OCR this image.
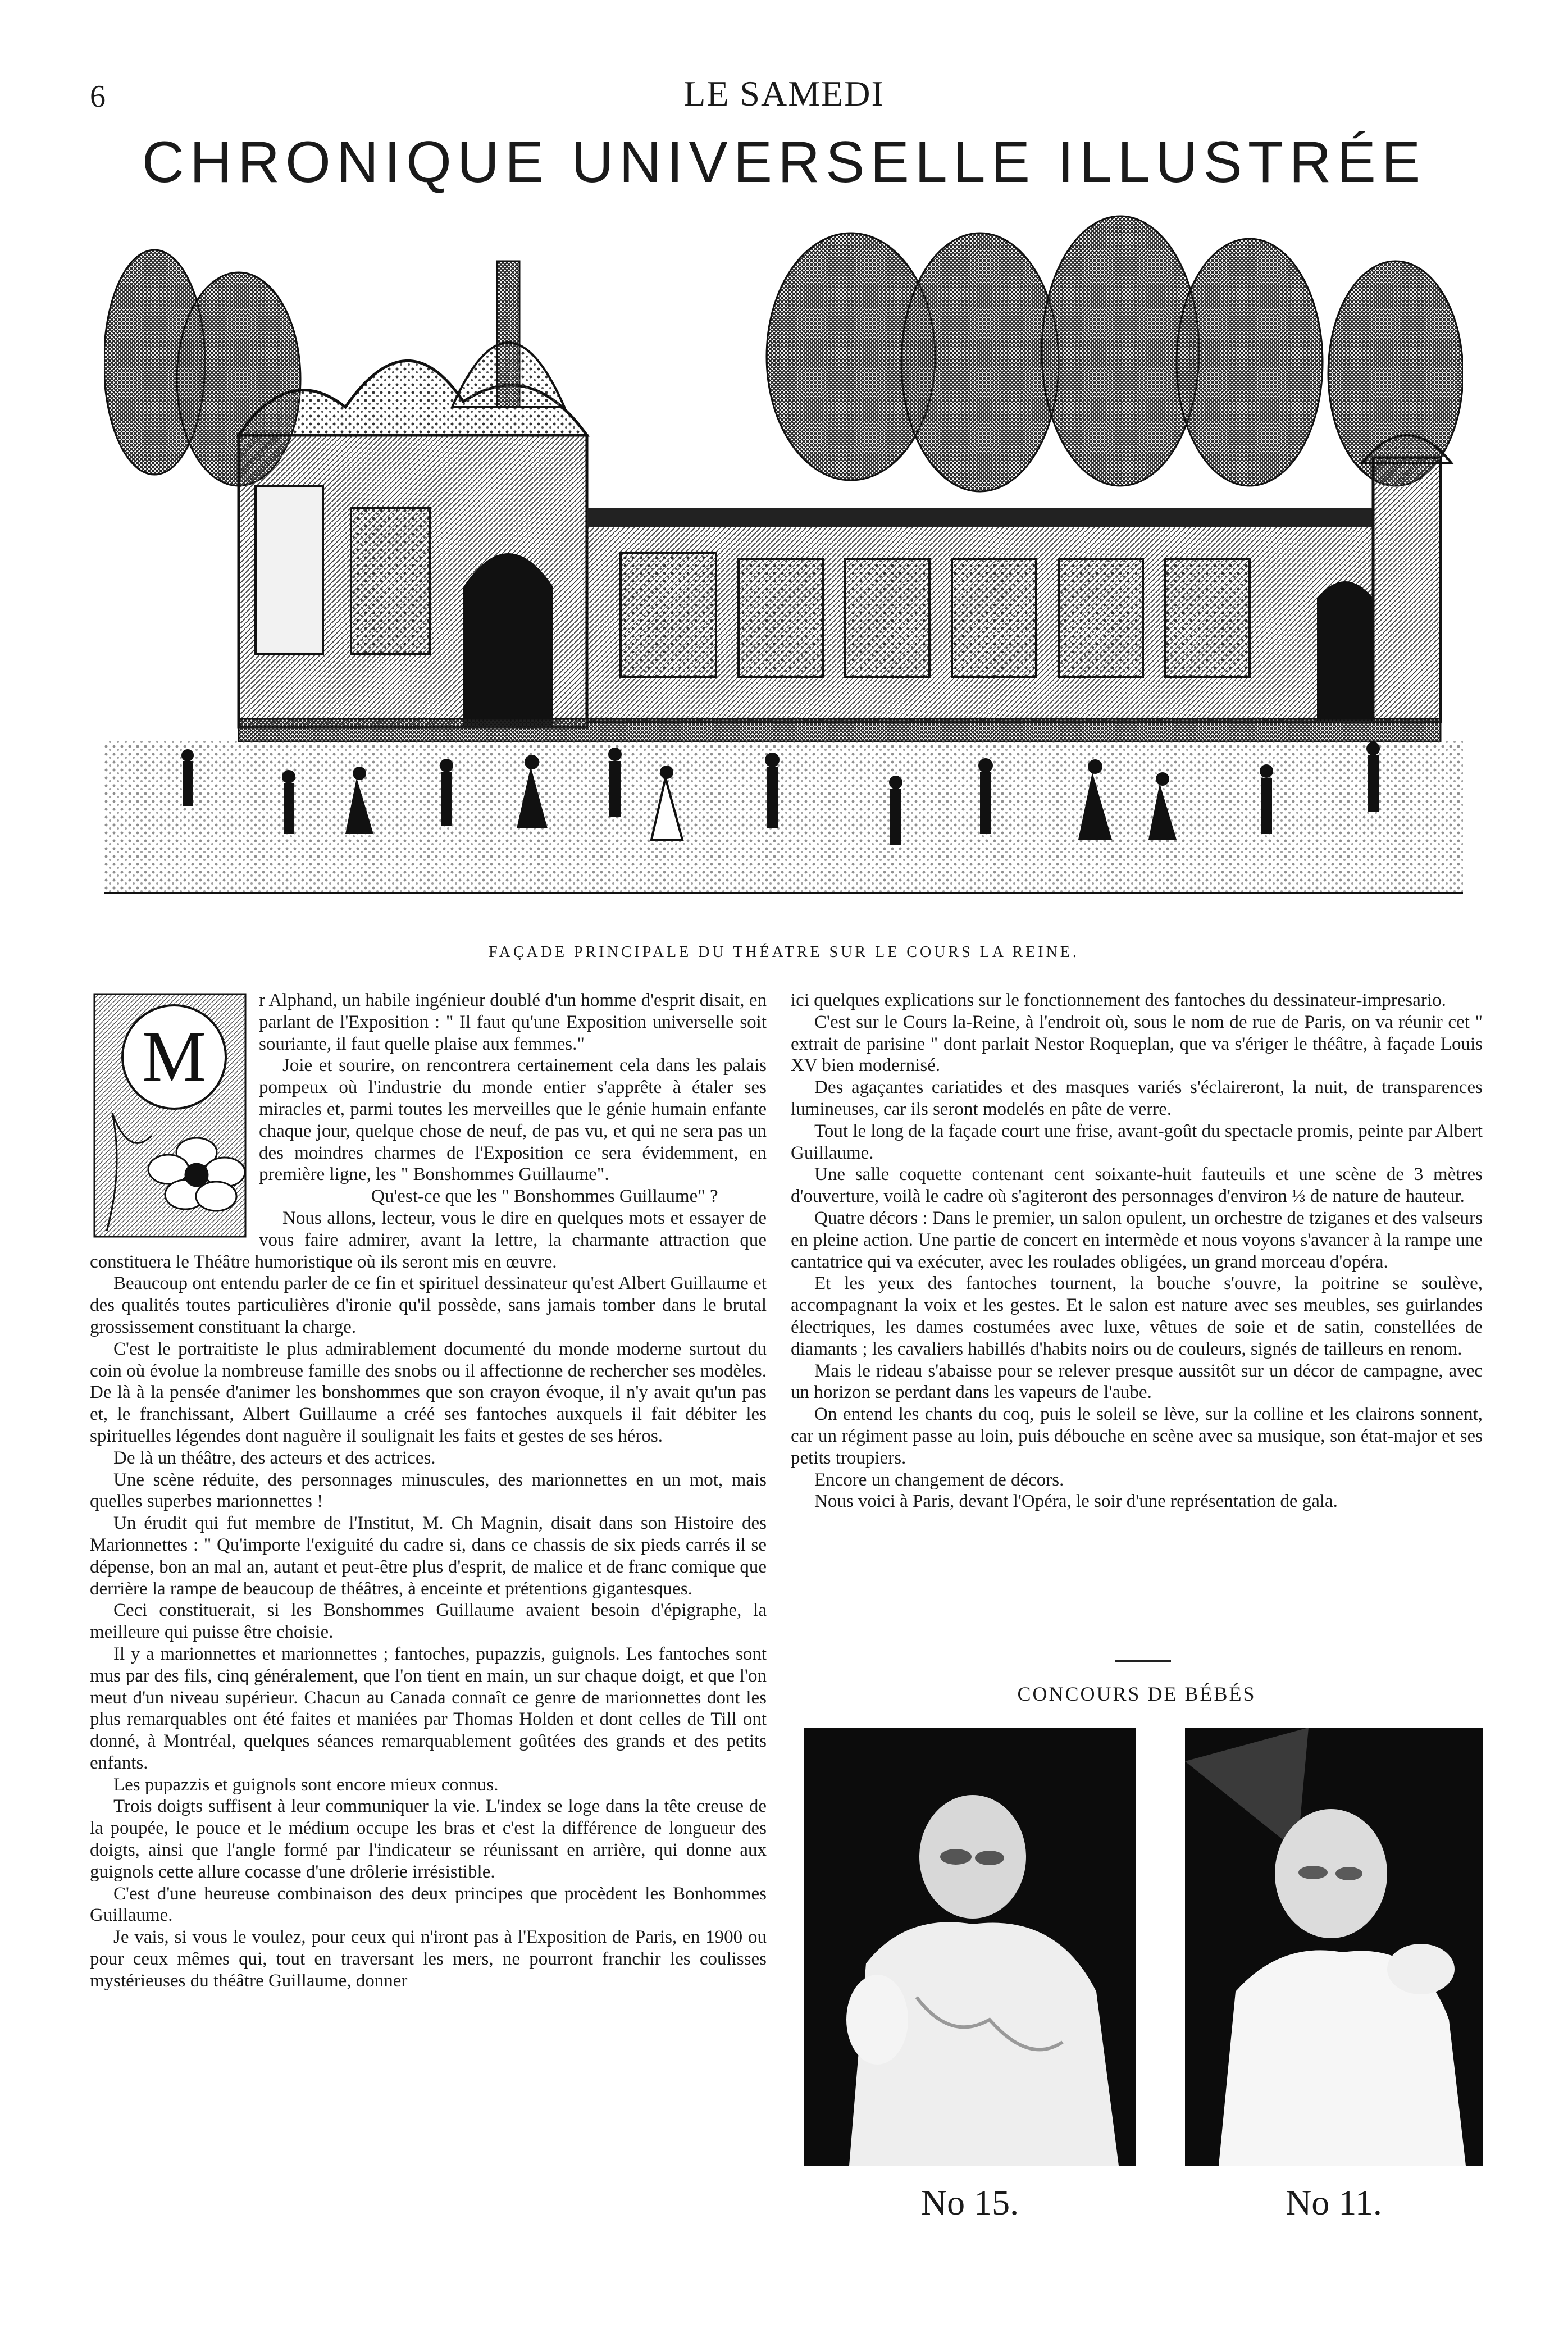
6	LE SAMEDI
CHRONIQUE UNIVERSELLE ILLUSTRÉE
FAÇADE PRINCIPALE DU THÉATRE SUR LE COURS LA REINE.
M

r Alphand, un habile ingénieur doublé d'un homme d'esprit disait, en parlant de l'Exposition : " Il faut qu'une Exposition universelle soit souriante, il faut quelle plaise aux femmes."

Joie et sourire, on rencontrera certainement cela dans les palais pompeux où l'industrie du monde entier s'apprête à étaler ses miracles et, parmi toutes les merveilles que le génie humain enfante chaque jour, quelque chose de neuf, de pas vu, et qui ne sera pas un des moindres charmes de l'Exposition ce sera évidemment, en première ligne, les " Bonshommes Guillaume".

Qu'est-ce que les " Bonshommes Guillaume" ?

Nous allons, lecteur, vous le dire en quelques mots et essayer de vous faire admirer, avant la lettre, la charmante attraction que constituera le Théâtre humoristique où ils seront mis en œuvre.

Beaucoup ont entendu parler de ce fin et spirituel dessinateur qu'est Albert Guillaume et des qualités toutes particulières d'ironie qu'il possède, sans jamais tomber dans le brutal grossissement constituant la charge.

C'est le portraitiste le plus admirablement documenté du monde moderne surtout du coin où évolue la nombreuse famille des snobs ou il affectionne de rechercher ses modèles. De là à la pensée d'animer les bonshommes que son crayon évoque, il n'y avait qu'un pas et, le franchissant, Albert Guillaume a créé ses fantoches auxquels il fait débiter les spirituelles légendes dont naguère il soulignait les faits et gestes de ses héros.

De là un théâtre, des acteurs et des actrices.

Une scène réduite, des personnages minuscules, des marionnettes en un mot, mais quelles superbes marionnettes !

Un érudit qui fut membre de l'Institut, M. Ch Magnin, disait dans son Histoire des Marionnettes : " Qu'importe l'exiguité du cadre si, dans ce chassis de six pieds carrés il se dépense, bon an mal an, autant et peut-être plus d'esprit, de malice et de franc comique que derrière la rampe de beaucoup de théâtres, à enceinte et prétentions gigantesques.

Ceci constituerait, si les Bonshommes Guillaume avaient besoin d'épigraphe, la meilleure qui puisse être choisie.

Il y a marionnettes et marionnettes ; fantoches, pupazzis, guignols. Les fantoches sont mus par des fils, cinq généralement, que l'on tient en main, un sur chaque doigt, et que l'on meut d'un niveau supérieur. Chacun au Canada connaît ce genre de marionnettes dont les plus remarquables ont été faites et maniées par Thomas Holden et dont celles de Till ont donné, à Montréal, quelques séances remarquablement goûtées des grands et des petits enfants.

Les pupazzis et guignols sont encore mieux connus.

Trois doigts suffisent à leur communiquer la vie. L'index se loge dans la tête creuse de la poupée, le pouce et le médium occupe les bras et c'est la différence de longueur des doigts, ainsi que l'angle formé par l'indicateur se réunissant en arrière, qui donne aux guignols cette allure cocasse d'une drôlerie irrésistible.

C'est d'une heureuse combinaison des deux principes que procèdent les Bonhommes Guillaume.

Je vais, si vous le voulez, pour ceux qui n'iront pas à l'Exposition de Paris, en 1900 ou pour ceux mêmes qui, tout en traversant les mers, ne pourront franchir les coulisses mystérieuses du théâtre Guillaume, donner

ici quelques explications sur le fonctionnement des fantoches du dessinateur-impresario.

C'est sur le Cours la-Reine, à l'endroit où, sous le nom de rue de Paris, on va réunir cet " extrait de parisine " dont parlait Nestor Roqueplan, que va s'ériger le théâtre, à façade Louis XV bien modernisé.

Des agaçantes cariatides et des masques variés s'éclaireront, la nuit, de transparences lumineuses, car ils seront modelés en pâte de verre.

Tout le long de la façade court une frise, avant-goût du spectacle promis, peinte par Albert Guillaume.

Une salle coquette contenant cent soixante-huit fauteuils et une scène de 3 mètres d'ouverture, voilà le cadre où s'agiteront des personnages d'environ ⅓ de nature de hauteur.

Quatre décors : Dans le premier, un salon opulent, un orchestre de tziganes et des valseurs en pleine action. Une partie de concert en intermède et nous voyons s'avancer à la rampe une cantatrice qui va exécuter, avec les roulades obligées, un grand morceau d'opéra.

Et les yeux des fantoches tournent, la bouche s'ouvre, la poitrine se soulève, accompagnant la voix et les gestes. Et le salon est nature avec ses meubles, ses guirlandes électriques, les dames costumées avec luxe, vêtues de soie et de satin, constellées de diamants ; les cavaliers habillés d'habits noirs ou de couleurs, signés de tailleurs en renom.

Mais le rideau s'abaisse pour se relever presque aussitôt sur un décor de campagne, avec un horizon se perdant dans les vapeurs de l'aube.

On entend les chants du coq, puis le soleil se lève, sur la colline et les clairons sonnent, car un régiment passe au loin, puis débouche en scène avec sa musique, son état-major et ses petits troupiers.

Encore un changement de décors.

Nous voici à Paris, devant l'Opéra, le soir d'une représentation de gala.

CONCOURS DE BÉBÉS
No 15.	No 11.
